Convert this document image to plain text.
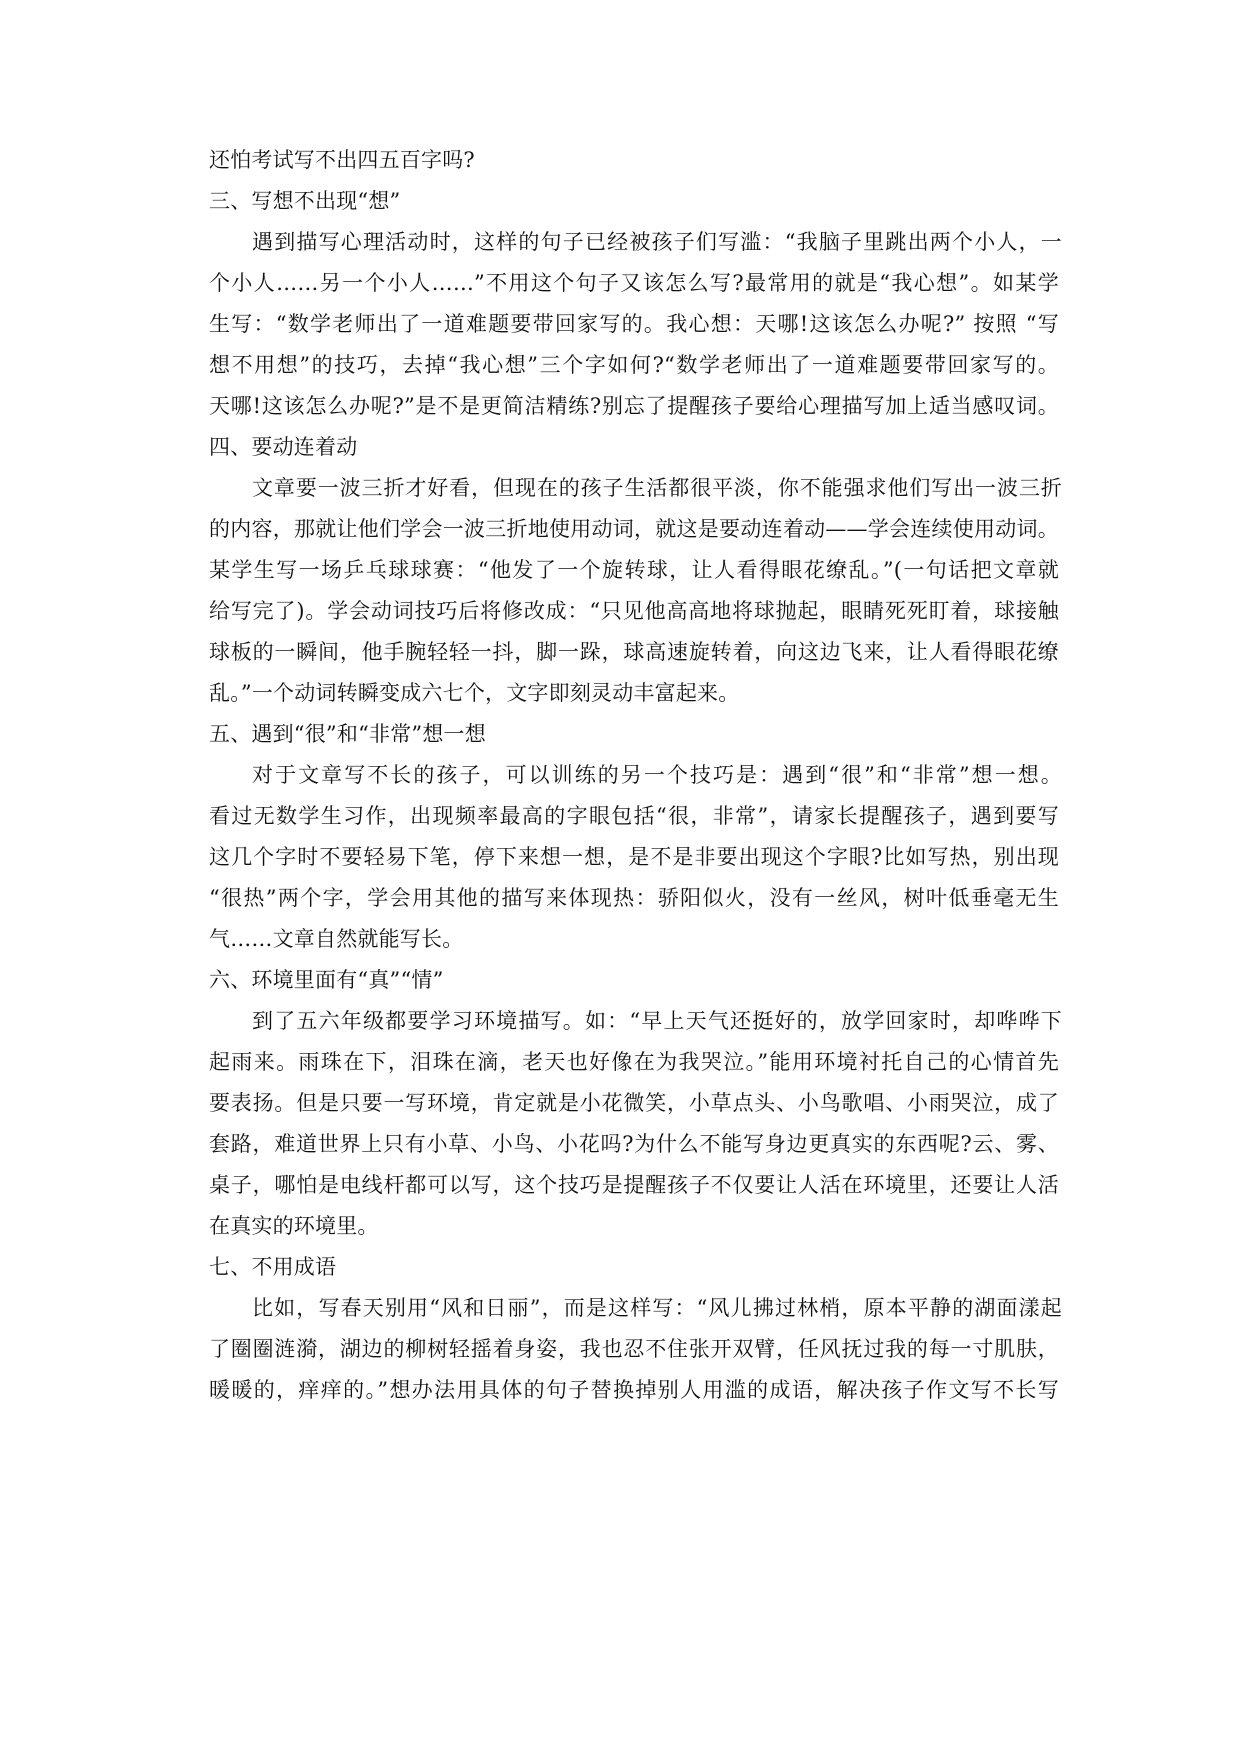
还怕考试写不出四五百字吗?

三、写想不出现“想”

遇到描写心理活动时，这样的句子已经被孩子们写滥：“我脑子里跳出两个小人，一

个小人……另一个小人……”不用这个句子又该怎么写?最常用的就是“我心想”。如某学

生写：“数学老师出了一道难题要带回家写的。我心想：天哪!这该怎么办呢?” 按照 “写

想不用想”的技巧，去掉“我心想”三个字如何?“数学老师出了一道难题要带回家写的。

天哪!这该怎么办呢?”是不是更简洁精练?别忘了提醒孩子要给心理描写加上适当感叹词。

四、要动连着动

文章要一波三折才好看，但现在的孩子生活都很平淡，你不能强求他们写出一波三折

的内容，那就让他们学会一波三折地使用动词，就这是要动连着动——学会连续使用动词。

某学生写一场乒乓球球赛：“他发了一个旋转球，让人看得眼花缭乱。”(一句话把文章就

给写完了)。学会动词技巧后将修改成：“只见他高高地将球抛起，眼睛死死盯着，球接触

球板的一瞬间，他手腕轻轻一抖，脚一跺，球高速旋转着，向这边飞来，让人看得眼花缭

乱。”一个动词转瞬变成六七个，文字即刻灵动丰富起来。

五、遇到“很”和“非常”想一想

对于文章写不长的孩子，可以训练的另一个技巧是：遇到“很”和“非常”想一想。

看过无数学生习作，出现频率最高的字眼包括“很，非常”，请家长提醒孩子，遇到要写

这几个字时不要轻易下笔，停下来想一想，是不是非要出现这个字眼?比如写热，别出现

“很热”两个字，学会用其他的描写来体现热：骄阳似火，没有一丝风，树叶低垂毫无生

气……文章自然就能写长。

六、环境里面有“真”“情”

到了五六年级都要学习环境描写。如：“早上天气还挺好的，放学回家时，却哗哗下

起雨来。雨珠在下，泪珠在滴，老天也好像在为我哭泣。”能用环境衬托自己的心情首先

要表扬。但是只要一写环境，肯定就是小花微笑，小草点头、小鸟歌唱、小雨哭泣，成了

套路，难道世界上只有小草、小鸟、小花吗?为什么不能写身边更真实的东西呢?云、雾、

桌子，哪怕是电线杆都可以写，这个技巧是提醒孩子不仅要让人活在环境里，还要让人活

在真实的环境里。

七、不用成语

比如，写春天别用“风和日丽”，而是这样写：“风儿拂过林梢，原本平静的湖面漾起

了圈圈涟漪，湖边的柳树轻摇着身姿，我也忍不住张开双臂，任风抚过我的每一寸肌肤，

暖暖的，痒痒的。”想办法用具体的句子替换掉别人用滥的成语，解决孩子作文写不长写
